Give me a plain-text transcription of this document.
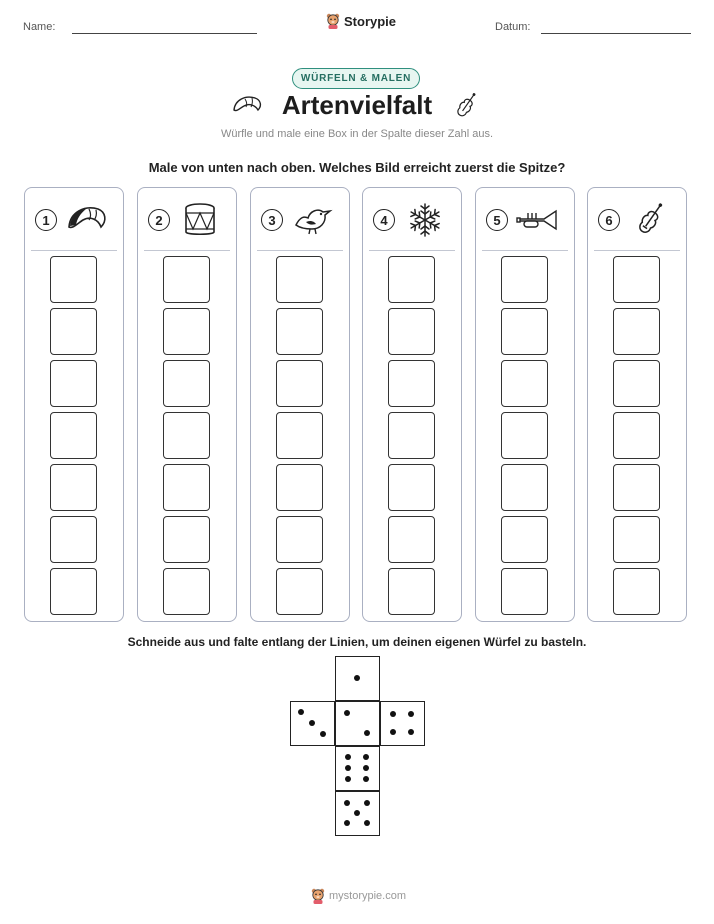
Name:	Storypie	Datum:
WÜRFELN & MALEN
Artenvielfalt
Würfle und male eine Box in der Spalte dieser Zahl aus.
Male von unten nach oben. Welches Bild erreicht zuerst die Spitze?
1	2	3	4	5	6
Schneide aus und falte entlang der Linien, um deinen eigenen Würfel zu basteln.
mystorypie.com
